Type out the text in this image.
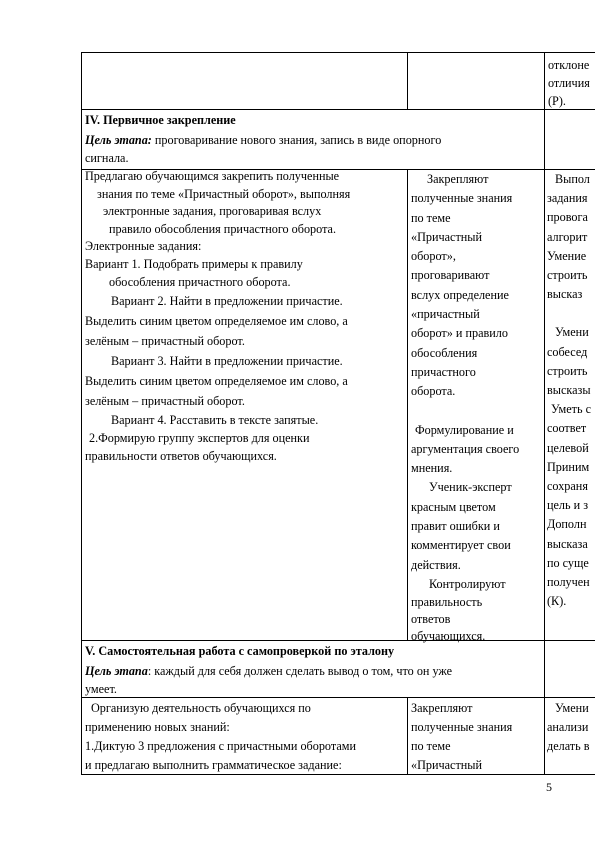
отклоне
отличия
(Р).
IV. Первичное закрепление
Цель этапа: проговаривание нового знания, запись в виде опорного
сигнала.
Предлагаю обучающимся закрепить полученные
знания по теме «Причастный оборот», выполняя
электронные задания, проговаривая вслух
правило обособления причастного оборота.
Электронные задания:
Вариант 1. Подобрать примеры к правилу
обособления причастного оборота.
Вариант 2. Найти в предложении причастие.
Выделить синим цветом определяемое им слово, а
зелёным – причастный оборот.
Вариант 3. Найти в предложении причастие.
Выделить синим цветом определяемое им слово, а
зелёным – причастный оборот.
Вариант 4. Расставить в тексте запятые.
2.Формирую группу экспертов для оценки
правильности ответов обучающихся.
Закрепляют
полученные знания
по теме
«Причастный
оборот»,
проговаривают
вслух определение
«причастный
оборот» и правило
обособления
причастного
оборота.
Формулирование и
аргументация своего
мнения.
Ученик-эксперт
красным цветом
правит ошибки и
комментирует свои
действия.
Контролируют
правильность
ответов
обучающихся.
Выпол
задания
провогa
алгорит
Умение
строить
высказ
Умени
собесед
строить
высказы
Уметь с
соответ
целевой
Приним
сохраня
цель и з
Дополн
высказа
по суще
получен
(К).
V. Самостоятельная работа с самопроверкой по эталону
Цель этапа: каждый для себя должен сделать вывод о том, что он уже
умеет.
Организую деятельность обучающихся по
применению новых знаний:
1.Диктую 3 предложения с причастными оборотами
и предлагаю выполнить грамматическое задание:
Закрепляют
полученные знания
по теме
«Причастный
Умени
анализи
делать в
5
